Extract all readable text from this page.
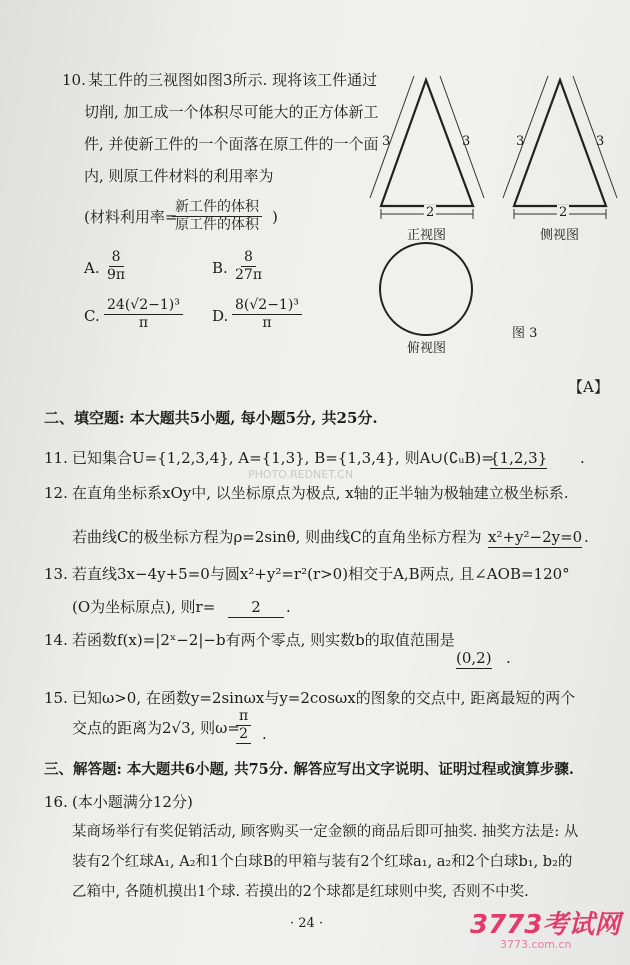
10. 某工件的三视图如图3所示. 现将该工件通过
切削, 加工成一个体积尽可能大的正方体新工
件, 并使新工件的一个面落在原工件的一个面
内, 则原工件材料的利用率为
(材料利用率=
新工件的体积
原工件的体积 )
A. $\frac{8}{9\pi}$	B. $\frac{8}{27\pi}$
C. $\frac{\text{24(√2−1)³}}{\pi} D$. $\frac{\text{8(√2−1)³}}{\pi}$
3	3
2
3	3
2
正视图	侧视图
俯视图
图 3
【A】
二、填空题: 本大题共5小题, 每小题5分, 共25分.
11. 已知集合U={1,2,3,4}, A={1,3}, B={1,3,4}, 则A∪(∁ᵤB)=
{1,2,3} .
12. 在直角坐标系xOy中, 以坐标原点为极点, x轴的正半轴为极轴建立极坐标系.
若曲线C的极坐标方程为ρ=2sinθ, 则曲线C的直角坐标方程为 x²+y²−2y=0 .
13. 若直线3x−4y+5=0与圆x²+y²=r²(r>0)相交于A,B两点, 且∠AOB=120°
(O为坐标原点), 则r=	2	.
14. 若函数f(x)=|2ˣ−2|−b有两个零点, 则实数b的取值范围是
(0,2) .
15. 已知ω>0, 在函数y=2sinωx与y=2cosωx的图象的交点中, 距离最短的两个
交点的距离为2√3, 则ω=
$\frac{\pi}{2}$ .
三、解答题: 本大题共6小题, 共75分. 解答应写出文字说明、证明过程或演算步骤.
16. (本小题满分12分)
某商场举行有奖促销活动, 顾客购买一定金额的商品后即可抽奖. 抽奖方法是: 从
装有2个红球A₁, A₂和1个白球B的甲箱与装有2个红球a₁, a₂和2个白球b₁, b₂的
乙箱中, 各随机摸出1个球. 若摸出的2个球都是红球则中奖, 否则不中奖.
· 24 ·
PHOTO.REDNET.CN
3773考试网
3773.com.cn
